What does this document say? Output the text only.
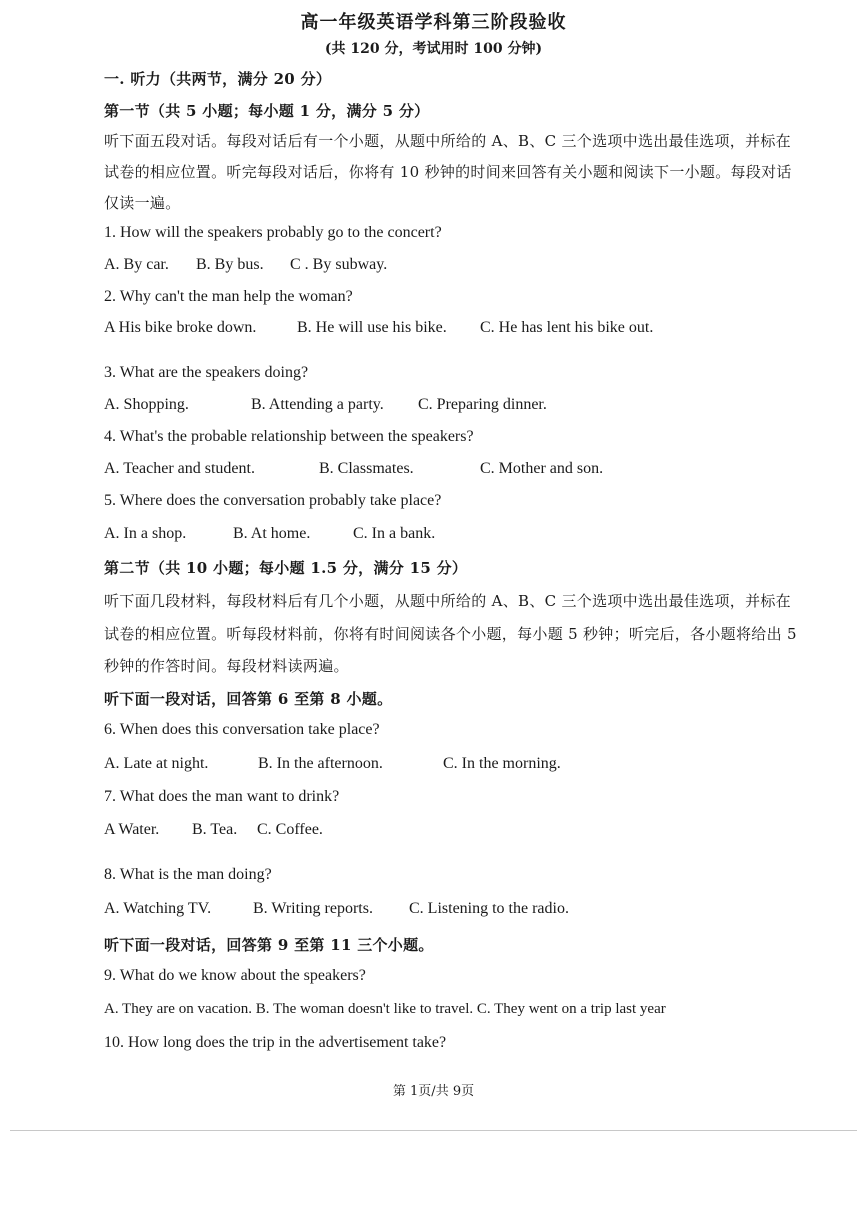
高一年级英语学科第三阶段验收
(共 120 分，考试用时 100 分钟)
一. 听力（共两节，满分 20 分）
第一节（共 5 小题；每小题 1 分，满分 5 分）
听下面五段对话。每段对话后有一个小题，从题中所给的 A、B、C 三个选项中选出最佳选项，并标在
试卷的相应位置。听完每段对话后，你将有 10 秒钟的时间来回答有关小题和阅读下一小题。每段对话
仅读一遍。
1. How will the speakers probably go to the concert?
A. By car. B. By bus. C . By subway.
2. Why can't the man help the woman?
A His bike broke down.	B. He will use his bike. C. He has lent his bike out.
3. What are the speakers doing?
A. Shopping.	B. Attending a party. C. Preparing dinner.
4. What's the probable relationship between the speakers?
A. Teacher and student.	B. Classmates.	C. Mother and son.
5. Where does the conversation probably take place?
A. In a shop.	B. At home.	C. In a bank.
第二节（共 10 小题；每小题 1.5 分，满分 15 分）
听下面几段材料，每段材料后有几个小题，从题中所给的 A、B、C 三个选项中选出最佳选项，并标在
试卷的相应位置。听每段材料前，你将有时间阅读各个小题，每小题 5 秒钟；听完后，各小题将给出 5
秒钟的作答时间。每段材料读两遍。
听下面一段对话，回答第 6 至第 8 小题。
6. When does this conversation take place?
A. Late at night.	B. In the afternoon.	C. In the morning.
7. What does the man want to drink?
A Water. B. Tea. C. Coffee.
8. What is the man doing?
A. Watching TV.	B. Writing reports. C. Listening to the radio.
听下面一段对话，回答第 9 至第 11 三个小题。
9. What do we know about the speakers?
A. They are on vacation. B. The woman doesn't like to travel. C. They went on a trip last year
10. How long does the trip in the advertisement take?
第 1页/共 9页
